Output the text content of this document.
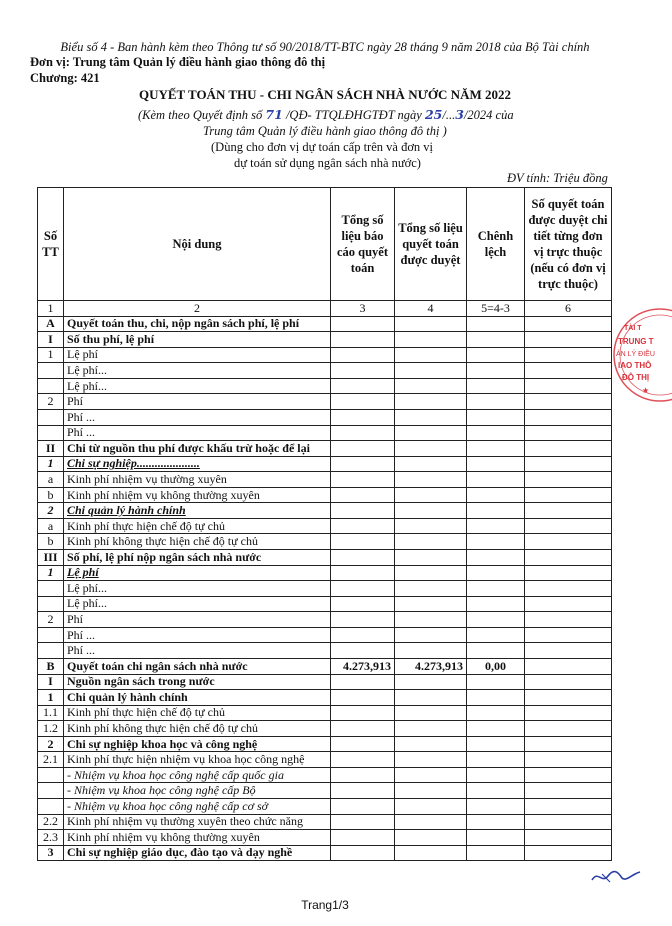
Biểu số 4 - Ban hành kèm theo Thông tư số 90/2018/TT-BTC ngày 28 tháng 9 năm 2018 của Bộ Tài chính
Đơn vị: Trung tâm Quản lý điều hành giao thông đô thị
Chương: 421
QUYẾT TOÁN THU - CHI NGÂN SÁCH NHÀ NƯỚC NĂM 2022
(Kèm theo Quyết định số 71 /QĐ- TTQLĐHGTĐT ngày 25/...3/2024 của
Trung tâm Quản lý điều hành giao thông đô thị )
(Dùng cho đơn vị dự toán cấp trên và đơn vị
dự toán sử dụng ngân sách nhà nước)
ĐV tính: Triệu đồng
Số TT	Nội dung	Tổng số liệu báo cáo quyết toán	Tổng số liệu quyết toán được duyệt	Chênh lệch	Số quyết toán được duyệt chi tiết từng đơn vị trực thuộc (nếu có đơn vị trực thuộc)
1	2	3	4	5=4-3	6
A	Quyết toán thu, chi, nộp ngân sách phí, lệ phí				
I	Số thu phí, lệ phí				
1	Lệ phí				
	Lệ phí...				
	Lệ phí...				
2	Phí				
	Phí ...				
	Phí ...				
II	Chi từ nguồn thu phí được khấu trừ hoặc để lại				
1	Chi sự nghiệp.....................				
a	Kinh phí nhiệm vụ thường xuyên				
b	Kinh phí nhiệm vụ không thường xuyên				
2	Chi quản lý hành chính				
a	Kinh phí thực hiện chế độ tự chủ				
b	Kinh phí không thực hiện chế độ tự chủ				
III	Số phí, lệ phí nộp ngân sách nhà nước				
1	Lệ phí				
	Lệ phí...				
	Lệ phí...				
2	Phí				
	Phí ...				
	Phí ...				
B	Quyết toán chi ngân sách nhà nước	4.273,913	4.273,913	0,00	
I	Nguồn ngân sách trong nước				
1	Chi quản lý hành chính				
1.1	Kinh phí thực hiện chế độ tự chủ				
1.2	Kinh phí không thực hiện chế độ tự chủ				
2	Chi sự nghiệp khoa học và công nghệ				
2.1	Kinh phí thực hiện nhiệm vụ khoa học công nghệ				
	- Nhiệm vụ khoa học công nghệ cấp quốc gia				
	- Nhiệm vụ khoa học công nghệ cấp Bộ				
	- Nhiệm vụ khoa học công nghệ cấp cơ sở				
2.2	Kinh phí nhiệm vụ thường xuyên theo chức năng				
2.3	Kinh phí nhiệm vụ không thường xuyên				
3	Chi sự nghiệp giáo dục, đào tạo và dạy nghề				
TÀI T
TRUNG T
ẢN LÝ ĐIỀU
IAO THÔ
ĐÔ THỊ
★
Trang1/3
